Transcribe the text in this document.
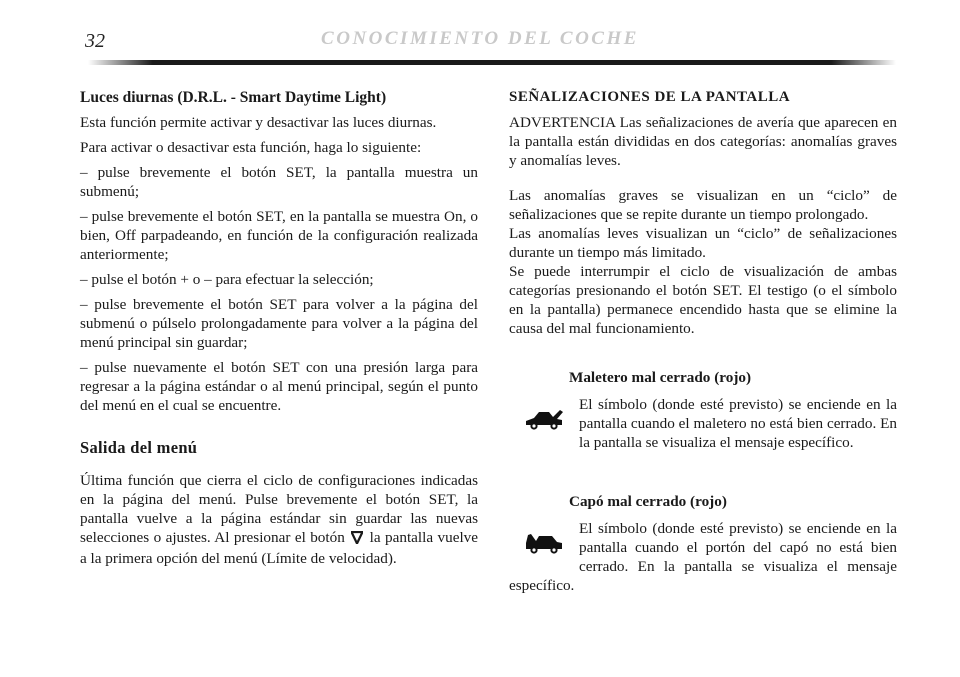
32	CONOCIMIENTO DEL COCHE

Luces diurnas (D.R.L. - Smart Daytime Light)

Esta función permite activar y desactivar las luces diurnas.

Para activar o desactivar esta función, haga lo siguiente:

– pulse brevemente el botón SET, la pantalla muestra un submenú;

– pulse brevemente el botón SET, en la pantalla se muestra On, o bien, Off parpadeando, en función de la configuración realizada anteriormente;

– pulse el botón + o – para efectuar la selección;

– pulse brevemente el botón SET para volver a la página del submenú o púlselo prolongadamente para volver a la página del menú principal sin guardar;

– pulse nuevamente el botón SET con una presión larga para regresar a la página estándar o al menú principal, según el punto del menú en el cual se encuentre.

Salida del menú

Última función que cierra el ciclo de configuraciones indicadas en la página del menú. Pulse brevemente el botón SET, la pantalla vuelve a la página estándar sin guardar las nuevas selecciones o ajustes. Al presionar el botón la pantalla vuelve a la primera opción del menú (Límite de velocidad).

SEÑALIZACIONES DE LA PANTALLA

ADVERTENCIA Las señalizaciones de avería que aparecen en la pantalla están divididas en dos categorías: anomalías graves y anomalías leves.

Las anomalías graves se visualizan en un “ciclo” de señalizaciones que se repite durante un tiempo prolongado.

Las anomalías leves visualizan un “ciclo” de señalizaciones durante un tiempo más limitado.

Se puede interrumpir el ciclo de visualización de ambas categorías presionando el botón SET. El testigo (o el símbolo en la pantalla) permanece encendido hasta que se elimine la causa del mal funcionamiento.

Maletero mal cerrado (rojo)

El símbolo (donde esté previsto) se enciende en la pantalla cuando el maletero no está bien cerrado. En la pantalla se visualiza el mensaje específico.

Capó mal cerrado (rojo)

El símbolo (donde esté previsto) se enciende en la pantalla cuando el portón del capó no está bien cerrado. En la pantalla se visualiza el mensaje específico.
